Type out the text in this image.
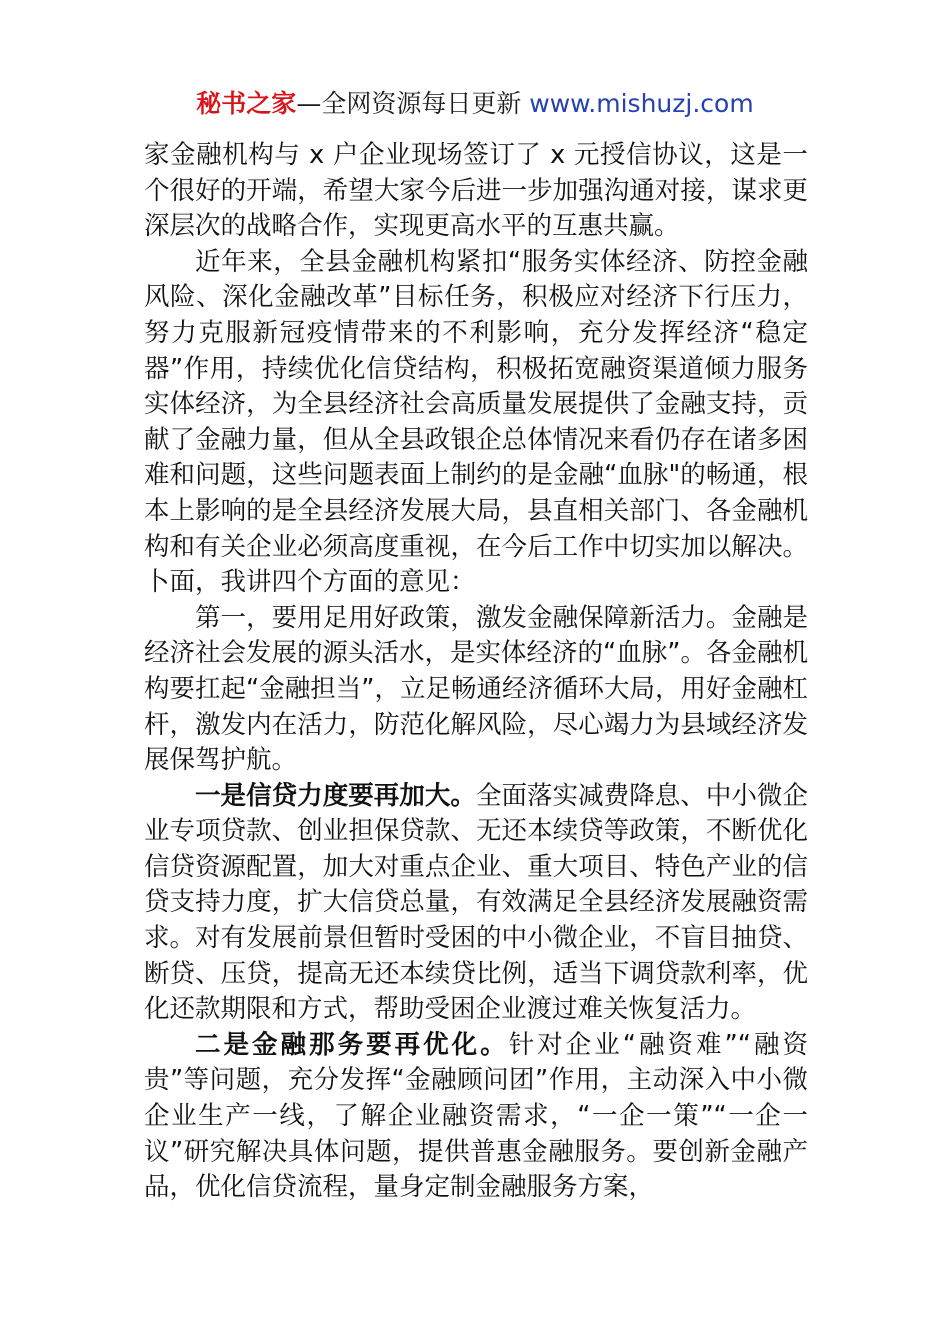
秘书之家—全网资源每日更新 www.mishuzj.com

家金融机构与 x 户企业现场签订了 x 元授信协议，这是一个很好的开端，希望大家今后进一步加强沟通对接，谋求更深层次的战略合作，实现更高水平的互惠共赢。

近年来，全县金融机构紧扣“服务实体经济、防控金融风险、深化金融改革”目标任务，积极应对经济下行压力，努力克服新冠疫情带来的不利影响，充分发挥经济“稳定器”作用，持续优化信贷结构，积极拓宽融资渠道倾力服务实体经济，为全县经济社会高质量发展提供了金融支持，贡献了金融力量，但从全县政银企总体情况来看仍存在诸多困难和问题，这些问题表面上制约的是金融“血脉"的畅通，根本上影响的是全县经济发展大局，县直相关部门、各金融机构和有关企业必须高度重视，在今后工作中切实加以解决。卜面，我讲四个方面的意见：

第一，要用足用好政策，激发金融保障新活力。金融是经济社会发展的源头活水，是实体经济的“血脉”。各金融机构要扛起“金融担当”，立足畅通经济循环大局，用好金融杠杆，激发内在活力，防范化解风险，尽心竭力为县域经济发展保驾护航。

一是信贷力度要再加大。全面落实减费降息、中小微企业专项贷款、创业担保贷款、无还本续贷等政策，不断优化信贷资源配置，加大对重点企业、重大项目、特色产业的信贷支持力度，扩大信贷总量，有效满足全县经济发展融资需求。对有发展前景但暂时受困的中小微企业，不盲目抽贷、断贷、压贷，提高无还本续贷比例，适当下调贷款利率，优化还款期限和方式，帮助受困企业渡过难关恢复活力。

二是金融那务要再优化。针对企业“融资难”“融资贵”等问题，充分发挥“金融顾问团”作用，主动深入中小微企业生产一线，了解企业融资需求，“一企一策”“一企一议”研究解决具体问题，提供普惠金融服务。要创新金融产品，优化信贷流程，量身定制金融服务方案，
